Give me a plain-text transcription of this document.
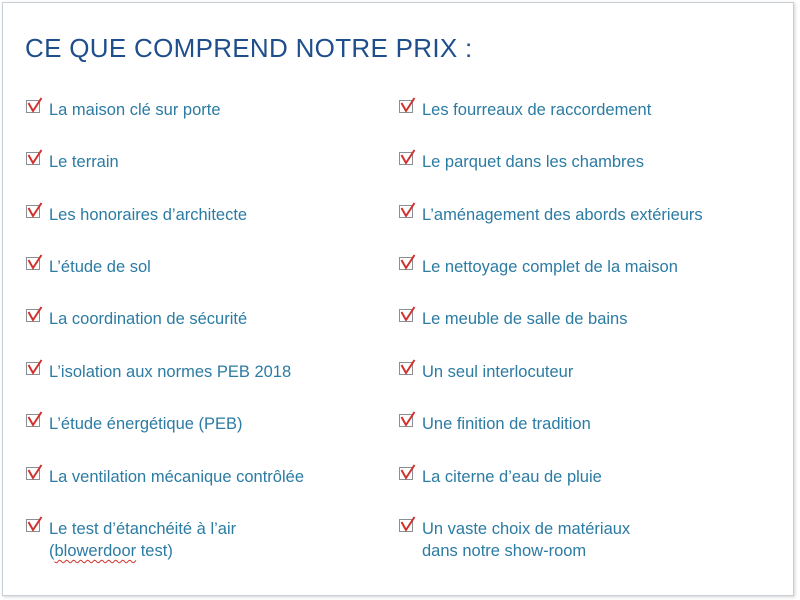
CE QUE COMPREND NOTRE PRIX :
La maison clé sur porte
Le terrain
Les honoraires d’architecte
L’étude de sol
La coordination de sécurité
L’isolation aux normes PEB 2018
L’étude énergétique (PEB)
La ventilation mécanique contrôlée
Le test d’étanchéité à l’air
(blowerdoor test)
Les fourreaux de raccordement
Le parquet dans les chambres
L’aménagement des abords extérieurs
Le nettoyage complet de la maison
Le meuble de salle de bains
Un seul interlocuteur
Une finition de tradition
La citerne d’eau de pluie
Un vaste choix de matériaux
dans notre show-room
